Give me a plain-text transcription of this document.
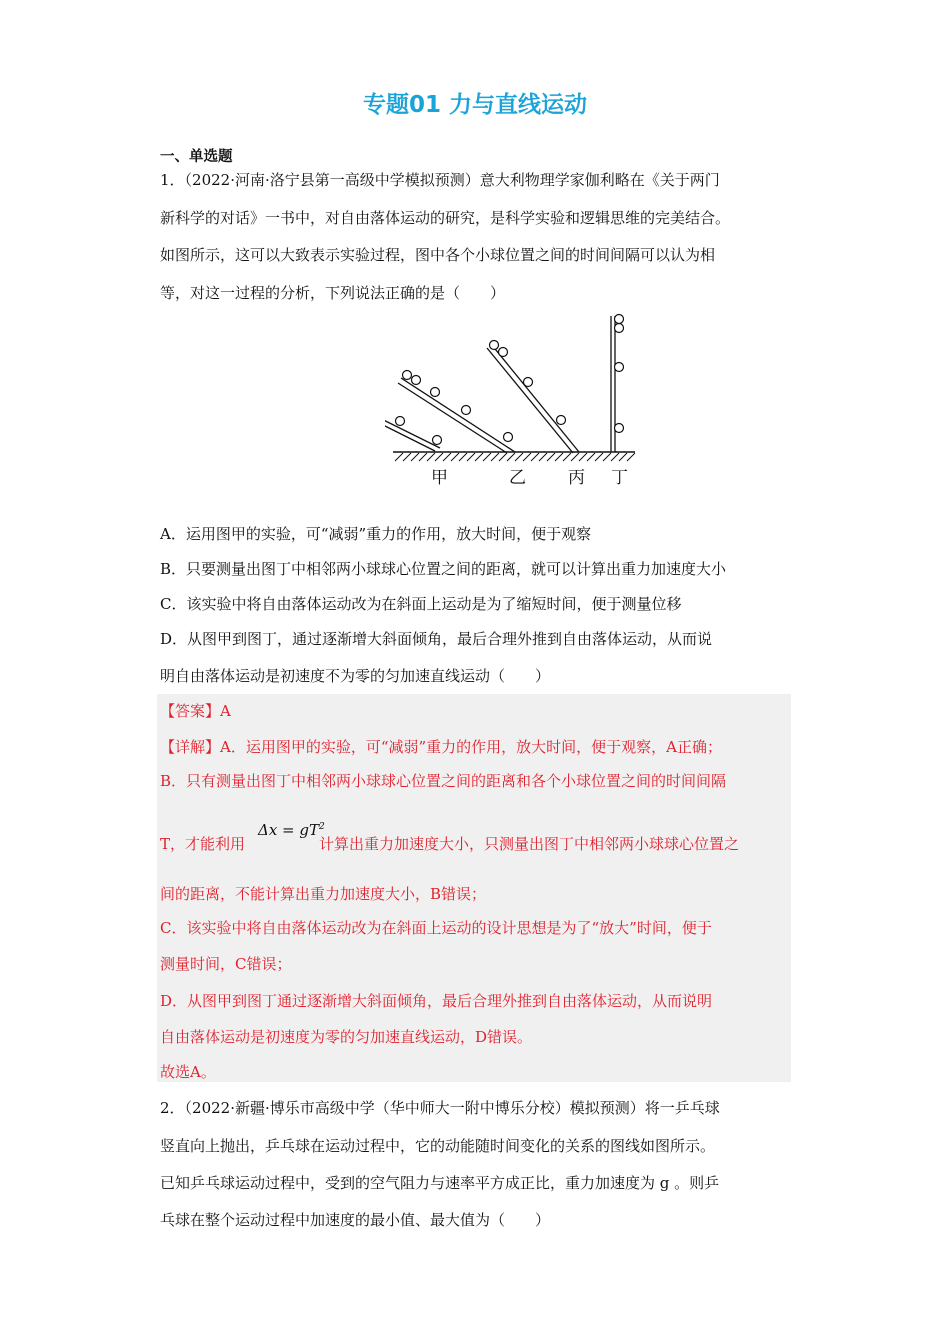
专题01 力与直线运动
一、单选题
1．（2022·河南·洛宁县第一高级中学模拟预测）意大利物理学家伽利略在《关于两门
新科学的对话》一书中，对自由落体运动的研究，是科学实验和逻辑思维的完美结合。
如图所示，这可以大致表示实验过程，图中各个小球位置之间的时间间隔可以认为相
等，对这一过程的分析，下列说法正确的是（　　）
甲	乙 丙 丁
A．运用图甲的实验，可“减弱”重力的作用，放大时间，便于观察
B．只要测量出图丁中相邻两小球球心位置之间的距离，就可以计算出重力加速度大小
C．该实验中将自由落体运动改为在斜面上运动是为了缩短时间，便于测量位移
D．从图甲到图丁，通过逐渐增大斜面倾角，最后合理外推到自由落体运动，从而说
明自由落体运动是初速度不为零的匀加速直线运动（　　）
【答案】A
【详解】A．运用图甲的实验，可“减弱”重力的作用，放大时间，便于观察，A正确；
B．只有测量出图丁中相邻两小球球心位置之间的距离和各个小球位置之间的时间间隔
T，才能利用
$\Delta x = gT^2$
计算出重力加速度大小，只测量出图丁中相邻两小球球心位置之
间的距离，不能计算出重力加速度大小，B错误；
C．该实验中将自由落体运动改为在斜面上运动的设计思想是为了“放大”时间，便于
测量时间，C错误；
D．从图甲到图丁通过逐渐增大斜面倾角，最后合理外推到自由落体运动，从而说明
自由落体运动是初速度为零的匀加速直线运动，D错误。
故选A。
2．（2022·新疆·博乐市高级中学（华中师大一附中博乐分校）模拟预测）将一乒乓球
竖直向上抛出，乒乓球在运动过程中，它的动能随时间变化的关系的图线如图所示。
已知乒乓球运动过程中，受到的空气阻力与速率平方成正比，重力加速度为 g 。则乒
乓球在整个运动过程中加速度的最小值、最大值为（　　）
